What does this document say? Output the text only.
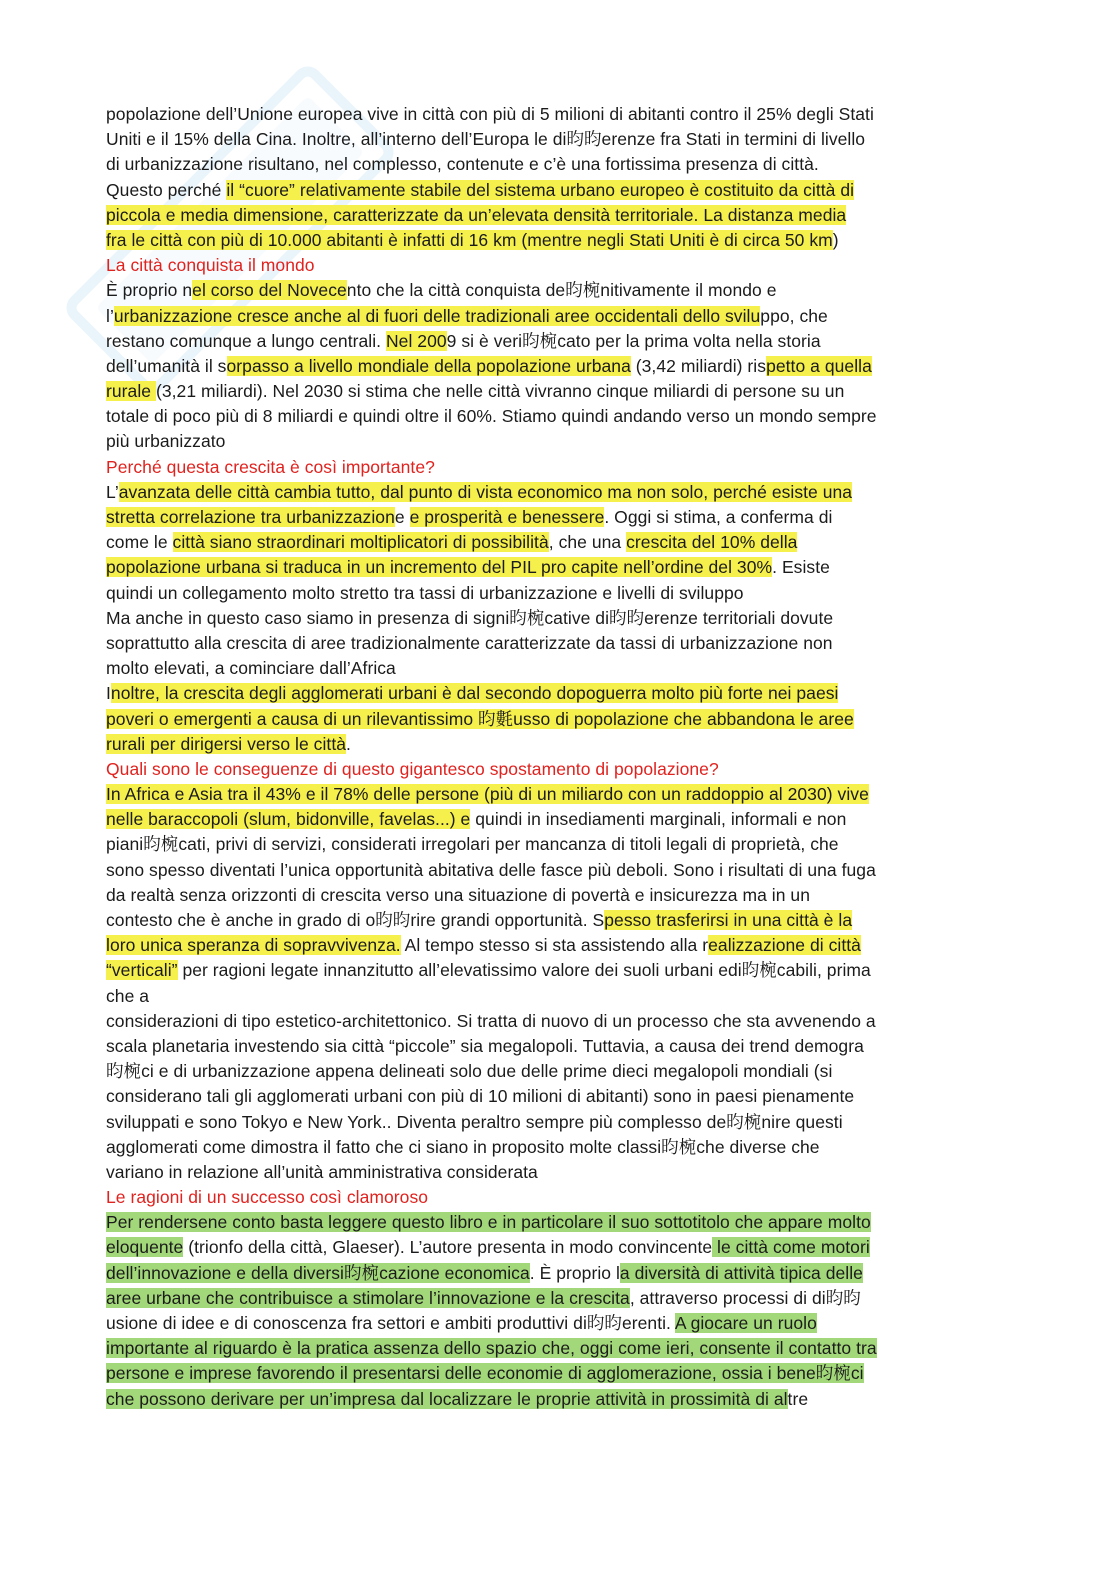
popolazione dell’Unione europea vive in città con più di 5 milioni di abitanti contro il 25% degli Stati
Uniti e il 15% della Cina. Inoltre, all’interno dell’Europa le di昀昀erenze fra Stati in termini di livello
di urbanizzazione risultano, nel complesso, contenute e c’è una fortissima presenza di città.
Questo perché il “cuore” relativamente stabile del sistema urbano europeo è costituito da città di
piccola e media dimensione, caratterizzate da un’elevata densità territoriale. La distanza media
fra le città con più di 10.000 abitanti è infatti di 16 km (mentre negli Stati Uniti è di circa 50 km)
La città conquista il mondo
È proprio nel corso del Novecento che la città conquista de昀椀nitivamente il mondo e
l’urbanizzazione cresce anche al di fuori delle tradizionali aree occidentali dello sviluppo, che
restano comunque a lungo centrali. Nel 2009 si è veri昀椀cato per la prima volta nella storia
dell’umanità il sorpasso a livello mondiale della popolazione urbana (3,42 miliardi) rispetto a quella
rurale (3,21 miliardi). Nel 2030 si stima che nelle città vivranno cinque miliardi di persone su un
totale di poco più di 8 miliardi e quindi oltre il 60%. Stiamo quindi andando verso un mondo sempre
più urbanizzato
Perché questa crescita è così importante?
L’avanzata delle città cambia tutto, dal punto di vista economico ma non solo, perché esiste una
stretta correlazione tra urbanizzazione e prosperità e benessere. Oggi si stima, a conferma di
come le città siano straordinari moltiplicatori di possibilità, che una crescita del 10% della
popolazione urbana si traduca in un incremento del PIL pro capite nell’ordine del 30%. Esiste
quindi un collegamento molto stretto tra tassi di urbanizzazione e livelli di sviluppo
Ma anche in questo caso siamo in presenza di signi昀椀cative di昀昀erenze territoriali dovute
soprattutto alla crescita di aree tradizionalmente caratterizzate da tassi di urbanizzazione non
molto elevati, a cominciare dall’Africa
Inoltre, la crescita degli agglomerati urbani è dal secondo dopoguerra molto più forte nei paesi
poveri o emergenti a causa di un rilevantissimo 昀氀usso di popolazione che abbandona le aree
rurali per dirigersi verso le città.
Quali sono le conseguenze di questo gigantesco spostamento di popolazione?
In Africa e Asia tra il 43% e il 78% delle persone (più di un miliardo con un raddoppio al 2030) vive
nelle baraccopoli (slum, bidonville, favelas...) e quindi in insediamenti marginali, informali e non
piani昀椀cati, privi di servizi, considerati irregolari per mancanza di titoli legali di proprietà, che
sono spesso diventati l’unica opportunità abitativa delle fasce più deboli. Sono i risultati di una fuga
da realtà senza orizzonti di crescita verso una situazione di povertà e insicurezza ma in un
contesto che è anche in grado di o昀昀rire grandi opportunità. Spesso trasferirsi in una città è la
loro unica speranza di sopravvivenza. Al tempo stesso si sta assistendo alla realizzazione di città
“verticali” per ragioni legate innanzitutto all’elevatissimo valore dei suoli urbani edi昀椀cabili, prima
che a
considerazioni di tipo estetico-architettonico. Si tratta di nuovo di un processo che sta avvenendo a
scala planetaria investendo sia città “piccole” sia megalopoli. Tuttavia, a causa dei trend demogra
昀椀ci e di urbanizzazione appena delineati solo due delle prime dieci megalopoli mondiali (si
considerano tali gli agglomerati urbani con più di 10 milioni di abitanti) sono in paesi pienamente
sviluppati e sono Tokyo e New York.. Diventa peraltro sempre più complesso de昀椀nire questi
agglomerati come dimostra il fatto che ci siano in proposito molte classi昀椀che diverse che
variano in relazione all’unità amministrativa considerata
Le ragioni di un successo così clamoroso
Per rendersene conto basta leggere questo libro e in particolare il suo sottotitolo che appare molto
eloquente (trionfo della città, Glaeser). L’autore presenta in modo convincente le città come motori
dell’innovazione e della diversi昀椀cazione economica. È proprio la diversità di attività tipica delle
aree urbane che contribuisce a stimolare l’innovazione e la crescita, attraverso processi di di昀昀
usione di idee e di conoscenza fra settori e ambiti produttivi di昀昀erenti. A giocare un ruolo
importante al riguardo è la pratica assenza dello spazio che, oggi come ieri, consente il contatto tra
persone e imprese favorendo il presentarsi delle economie di agglomerazione, ossia i bene昀椀ci
che possono derivare per un’impresa dal localizzare le proprie attività in prossimità di altre
